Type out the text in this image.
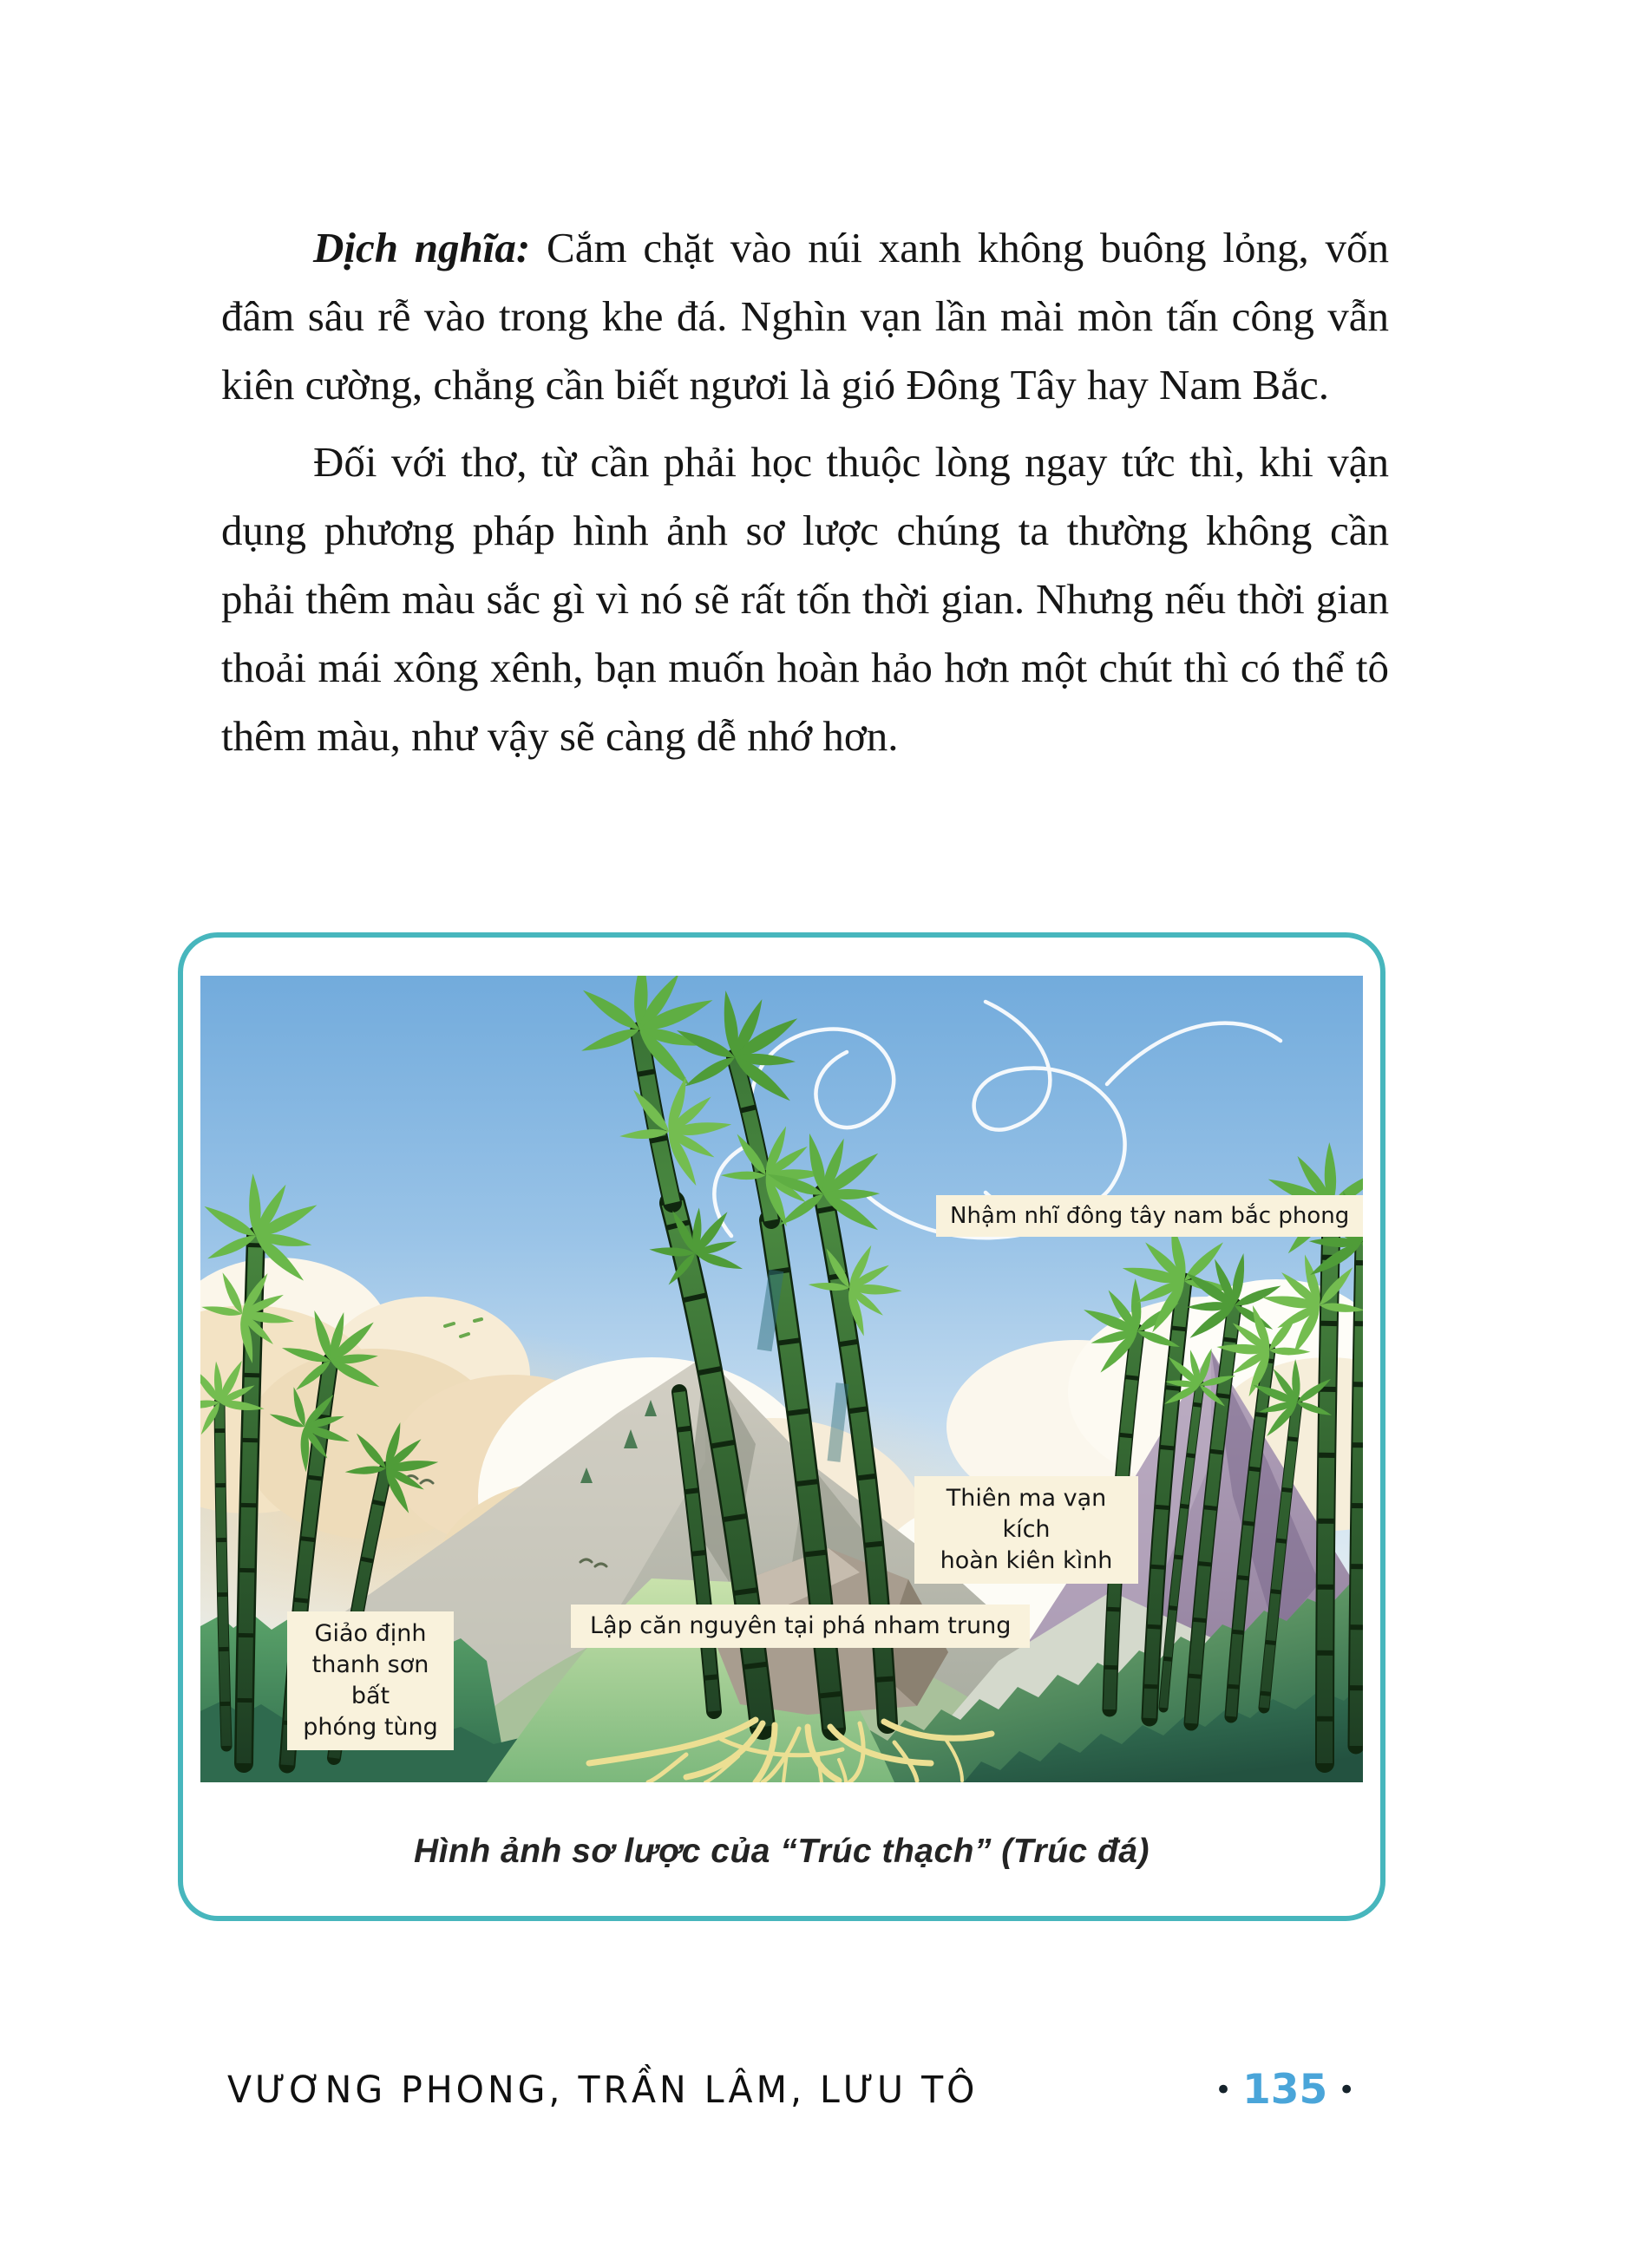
Dịch nghĩa: Cắm chặt vào núi xanh không buông lỏng, vốn đâm sâu rễ vào trong khe đá. Nghìn vạn lần mài mòn tấn công vẫn kiên cường, chẳng cần biết ngươi là gió Đông Tây hay Nam Bắc.

Đối với thơ, từ cần phải học thuộc lòng ngay tức thì, khi vận dụng phương pháp hình ảnh sơ lược chúng ta thường không cần phải thêm màu sắc gì vì nó sẽ rất tốn thời gian. Nhưng nếu thời gian thoải mái xông xênh, bạn muốn hoàn hảo hơn một chút thì có thể tô thêm màu, như vậy sẽ càng dễ nhớ hơn.

Nhậm nhĩ đông tây nam bắc phong
Thiên ma vạn kích
hoàn kiên kình
Lập căn nguyên tại phá nham trung
Giảo định
thanh sơn bất
phóng tùng
Hình ảnh sơ lược của “Trúc thạch” (Trúc đá)
VƯƠNG PHONG, TRẦN LÂM, LƯU TÔ	• 135 •
